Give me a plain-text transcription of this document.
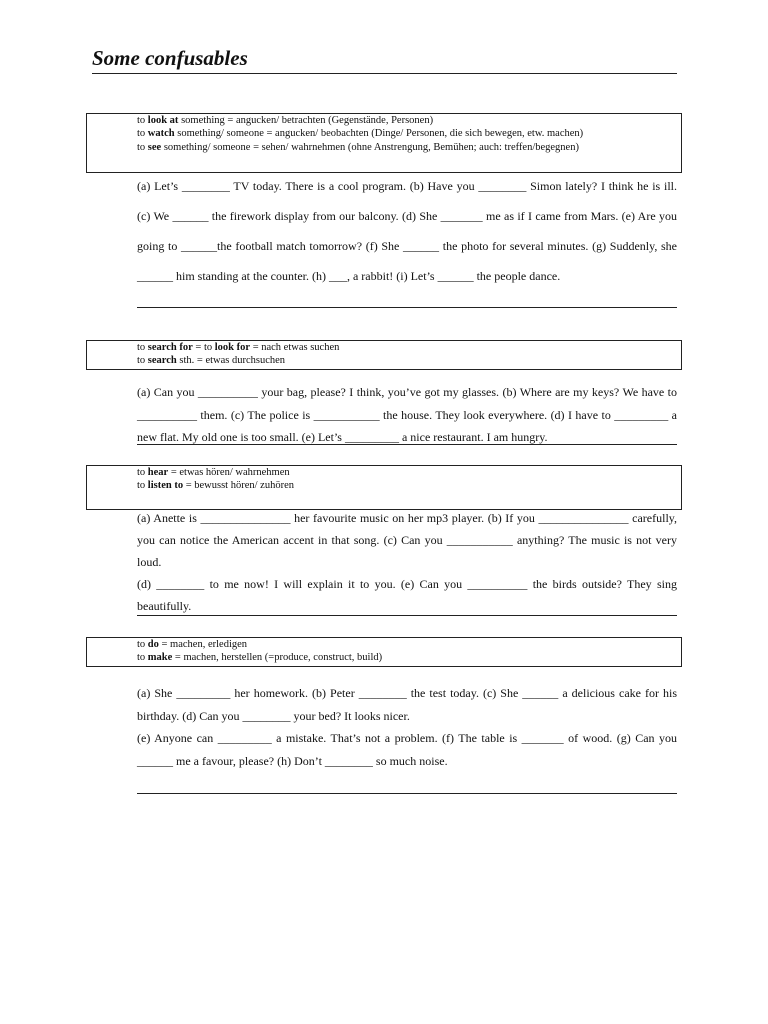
Some confusables
to look at something = angucken/ betrachten (Gegenstände, Personen)
to watch something/ someone = angucken/ beobachten (Dinge/ Personen, die sich bewegen, etw. machen)
to see something/ someone = sehen/ wahrnehmen (ohne Anstrengung, Bemühen; auch: treffen/begegnen)

(a) Let’s ________ TV today. There is a cool program. (b) Have you ________ Simon lately? I think he is ill. (c) We ______ the firework display from our balcony. (d) She _______ me as if I came from Mars. (e) Are you going to ______the football match tomorrow? (f) She ______ the photo for several minutes. (g) Suddenly, she ______ him standing at the counter. (h) ___, a rabbit! (i) Let’s ______ the people dance.

to search for = to look for = nach etwas suchen
to search sth. = etwas durchsuchen

(a) Can you __________ your bag, please? I think, you’ve got my glasses. (b) Where are my keys? We have to __________ them. (c) The police is ___________ the house. They look everywhere. (d) I have to _________ a new flat. My old one is too small. (e) Let’s _________ a nice restaurant. I am hungry.

to hear = etwas hören/ wahrnehmen
to listen to = bewusst hören/ zuhören

(a) Anette is _______________ her favourite music on her mp3 player. (b) If you _______________ carefully, you can notice the American accent in that song. (c) Can you ___________ anything? The music is not very loud.

(d) ________ to me now! I will explain it to you. (e) Can you __________ the birds outside? They sing beautifully.

to do = machen, erledigen
to make = machen, herstellen (=produce, construct, build)

(a) She _________ her homework. (b) Peter ________ the test today. (c) She ______ a delicious cake for his birthday. (d) Can you ________ your bed? It looks nicer.

(e) Anyone can _________ a mistake. That’s not a problem. (f) The table is _______ of wood. (g) Can you ______ me a favour, please? (h) Don’t ________ so much noise.
